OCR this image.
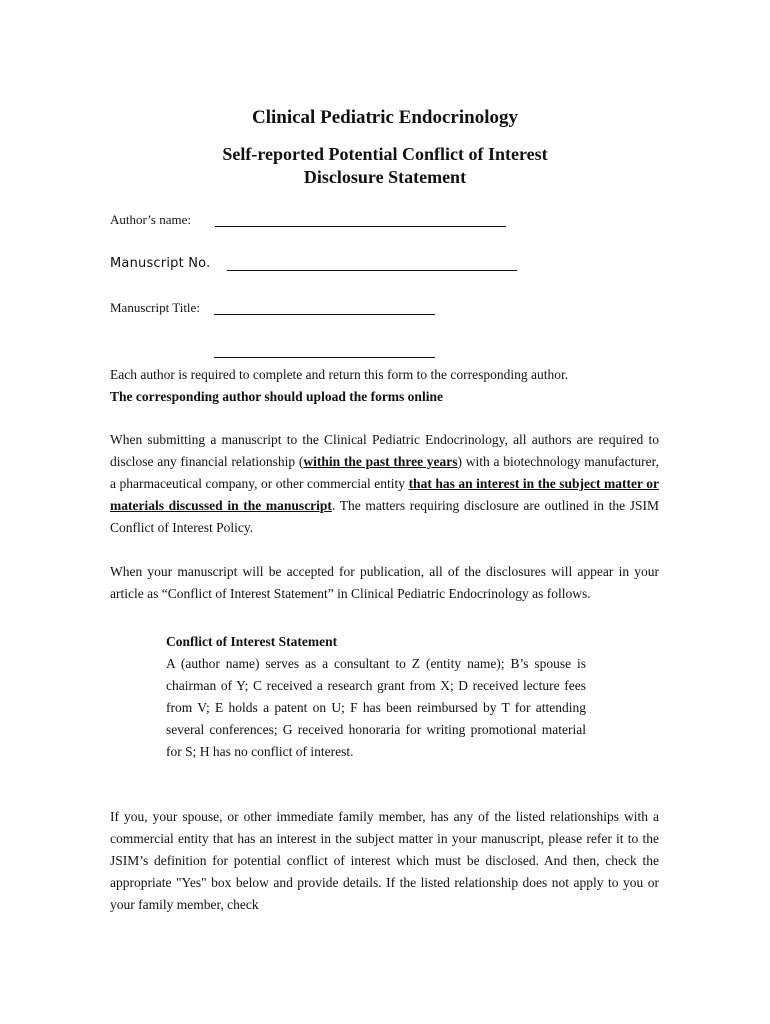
Clinical Pediatric Endocrinology
Self-reported Potential Conflict of Interest
Disclosure Statement
Author’s name:
Manuscript No.
Manuscript Title:

Each author is required to complete and return this form to the corresponding author.
The corresponding author should upload the forms online

When submitting a manuscript to the Clinical Pediatric Endocrinology, all authors are required to disclose any financial relationship (within the past three years) with a biotechnology manufacturer, a pharmaceutical company, or other commercial entity that has an interest in the subject matter or materials discussed in the manuscript. The matters requiring disclosure are outlined in the JSIM Conflict of Interest Policy.

When your manuscript will be accepted for publication, all of the disclosures will appear in your article as “Conflict of Interest Statement” in Clinical Pediatric Endocrinology as follows.

Conflict of Interest Statement
A (author name) serves as a consultant to Z (entity name); B’s spouse is chairman of Y; C received a research grant from X; D received lecture fees from V; E holds a patent on U; F has been reimbursed by T for attending several conferences; G received honoraria for writing promotional material for S; H has no conflict of interest.

If you, your spouse, or other immediate family member, has any of the listed relationships with a commercial entity that has an interest in the subject matter in your manuscript, please refer it to the JSIM’s definition for potential conflict of interest which must be disclosed. And then, check the appropriate "Yes" box below and provide details. If the listed relationship does not apply to you or your family member, check
